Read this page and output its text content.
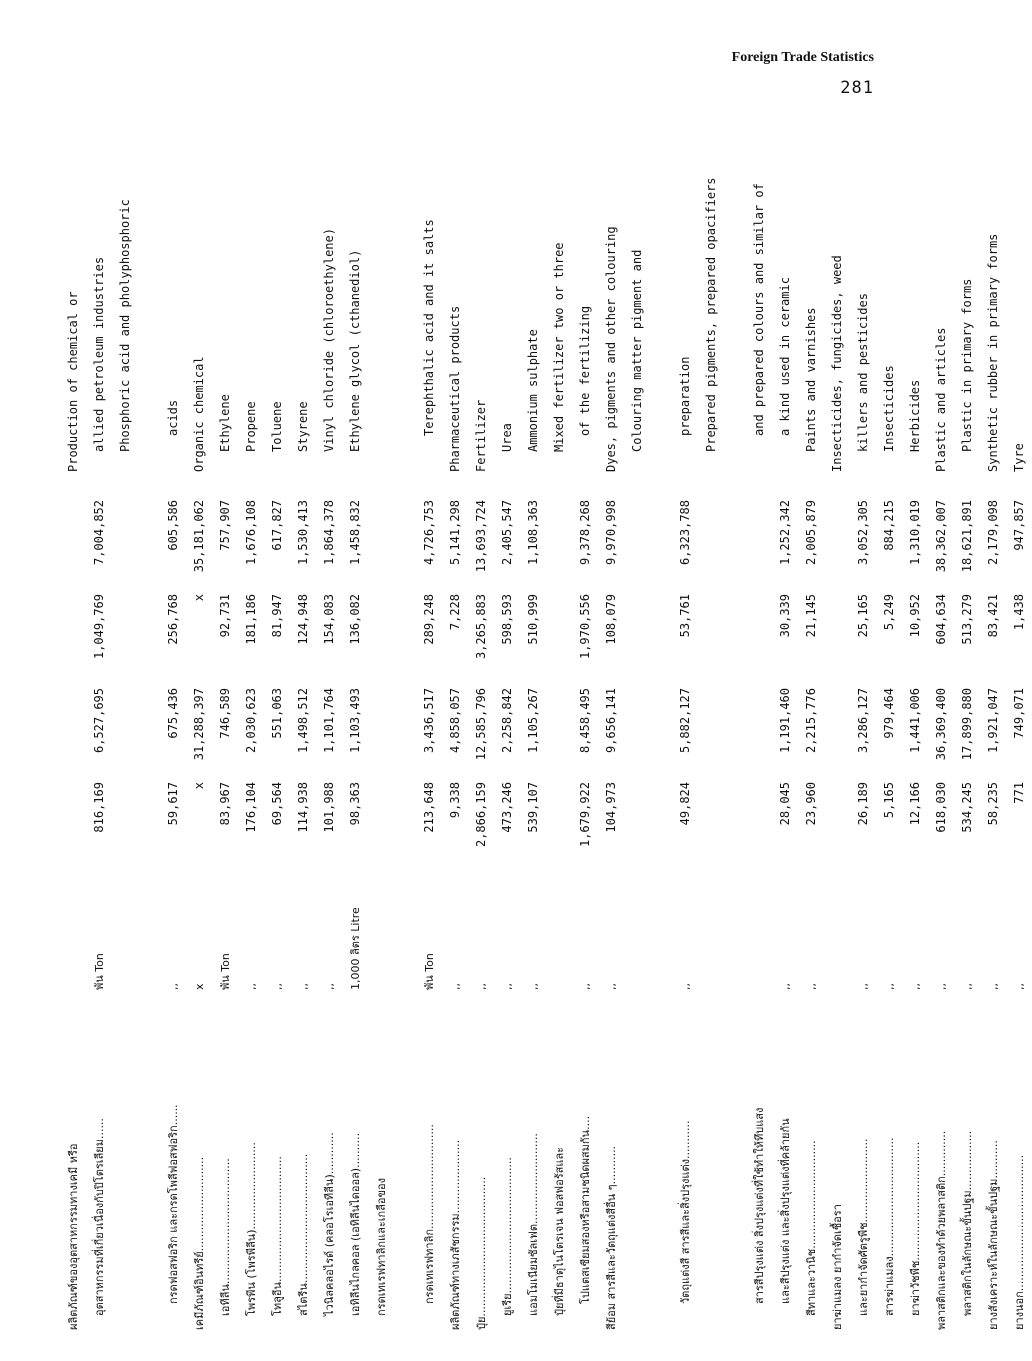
Foreign Trade Statistics
281
ผลิตภัณฑ์ของอุตสาหกรรมทางเคมี หรือ						Production of chemical or
อุตสาหกรรมที่เกี่ยวเนื่องกับปิโตรเลียม......	พัน Ton	816,169	6,527,695	1,049,769	7,004,852	allied petroleum industries
						Phosphoric acid and pholyphosphoric

กรดฟอสฟอริก และกรดโพลีฟอสฟอริก......	,,	59,617	675,436	256,768	605,586	acids
เคมีภัณฑ์อินทรีย์...........................	x	x	31,288,397	x	35,181,062	Organic chemical
เอทีลีน....................................	พัน Ton	83,967	746,589	92,731	757,907	Ethylene
โพรพีน (โพรพีลีน).........................	,,	176,104	2,030,623	181,186	1,676,108	Propene
โทลูอีน....................................	,,	69,564	551,063	81,947	617,827	Toluene
สไตรีน.....................................	,,	114,938	1,498,512	124,948	1,530,413	Styrene
ไวนิลคลอไรด์ (คลอโรเอทีลีน)............	,,	101,988	1,101,764	154,083	1,864,378	Vinyl chloride (chloroethylene)
เอทิลีนไกลคอล (เอทิลีนไดออล)..........	1,000 ลิตร Litre	98,363	1,103,493	136,082	1,458,832	Ethylene glycol (cthanediol)
กรดเทเรฟทาลิกและเกลือของ						

กรดเทเรฟทาลิก..............................	พัน Ton	213,648	3,436,517	289,248	4,726,753	Terephthalic acid and it salts
ผลิตภัณฑ์ทางเภสัชกรรม.....................	,,	9,338	4,858,057	7,228	5,141,298	Pharmaceutical products
ปุ๋ย........................................	,,	2,866,159	12,585,796	3,265,883	13,693,724	Fertilizer
ยูเรีย.......................................	,,	473,246	2,258,842	598,593	2,405,547	Urea
แอมโมเนียมซัลเฟต..........................	,,	539,107	1,105,267	510,999	1,108,363	Ammonium sulphate
ปุ๋ยที่มีธาตุไนโตรเจน ฟอสฟอรัสและ						Mixed fertilizer two or three
โปแตสเซียมสองหรือสามชนิดผสมกัน....	,,	1,679,922	8,458,495	1,970,556	9,378,268	of the fertilizing
สีย้อม สารสีและวัตถุแต่งสีอื่น ๆ...........	,,	104,973	9,656,141	108,079	9,970,998	Dyes, pigments and other colouring
						Colouring matter pigment and

วัตถุแต่งสี สารสีและสิ่งปรุงแต่ง...........	,,	49,824	5,882,127	53,761	6,323,788	preparation
						Prepared pigments, prepared opacifiers

สารสีปรุงแต่ง สิ่งปรุงแต่งที่ใช้ทำให้ทึบแสง						and prepared colours and similar of
และสีปรุงแต่ง และสิ่งปรุงแต่งที่คล้ายกัน	,,	28,045	1,191,460	30,339	1,252,342	a kind used in ceramic
สีทาและวานิช...............................	,,	23,960	2,215,776	21,145	2,005,879	Paints and varnishes
ยาฆ่าแมลง ยากำจัดเชื้อรา						Insecticides, fungicides, weed
และยากำจัดศัตรูพืช........................	,,	26,189	3,286,127	25,165	3,052,305	killers and pesticides
สารฆ่าแมลง..................................	,,	5,165	979,464	5,249	884,215	Insecticides
ยาฆ่าวัชพืช..................................	,,	12,166	1,441,006	10,952	1,310,019	Herbicides
พลาสติกและของทำด้วยพลาสติก.............	,,	618,030	36,369,400	604,634	38,362,007	Plastic and articles
พลาสติกในลักษณะขั้นปฐม.................	,,	534,245	17,899,880	513,279	18,621,891	Plastic in primary forms
ยางสังเคราะห์ในลักษณะขั้นปฐม...........	,,	58,235	1,921,047	83,421	2,179,098	Synthetic rubber in primary forms
ยางนอก.......................................	,,	771	749,071	1,438	947,857	Tyre
